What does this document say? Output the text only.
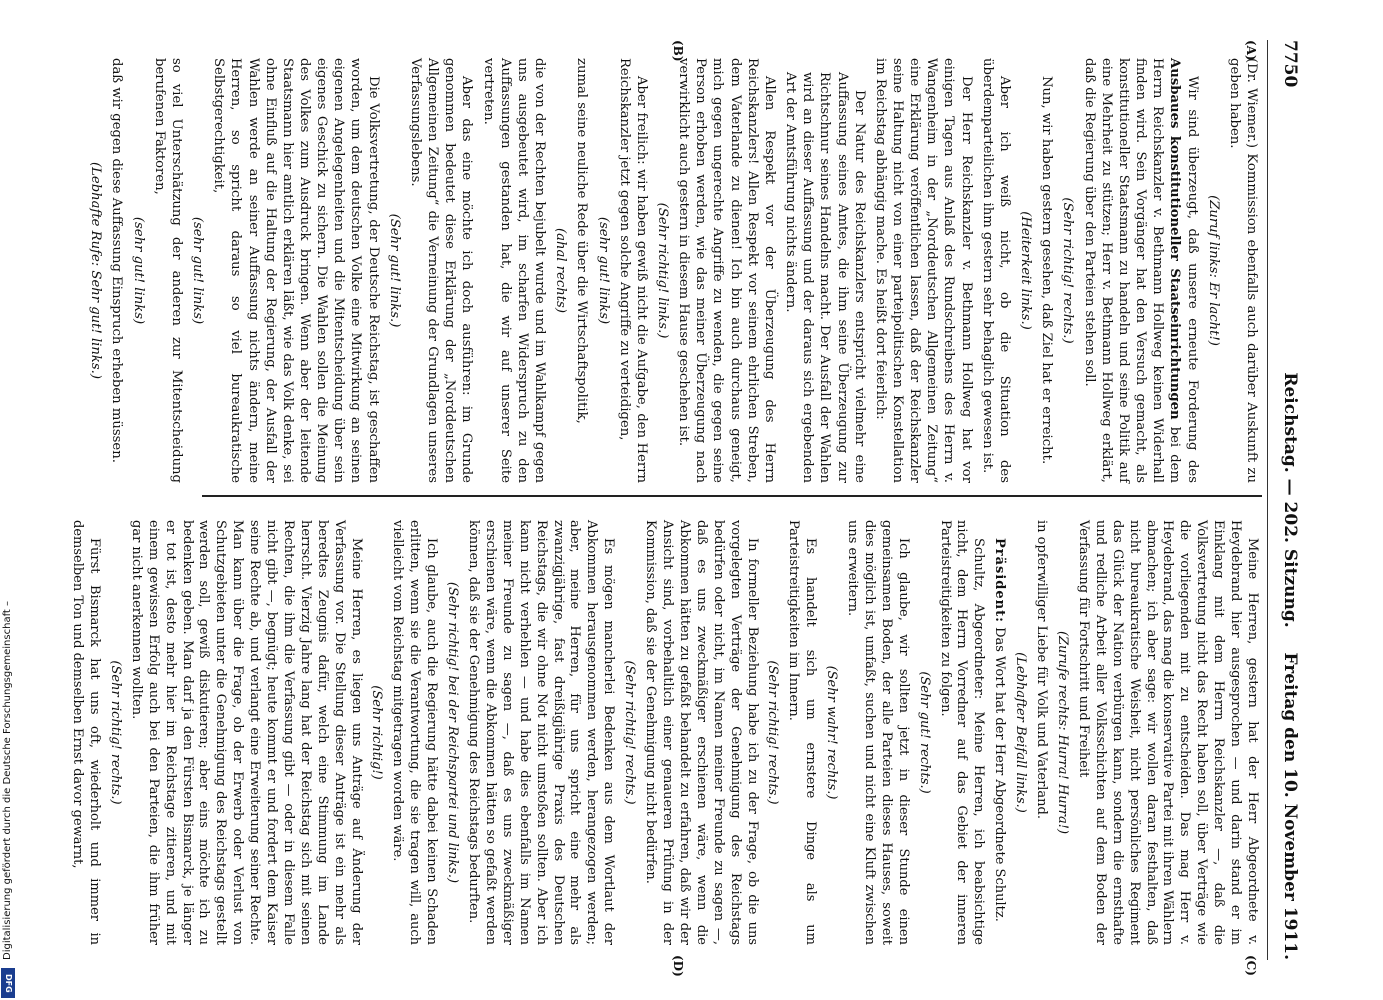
7750
Reichstag. — 202. Sitzung.
Freitag den 10. November 1911.
(A)
(B)
(C)
(D)

(Dr. Wiemer.) Kommission ebenfalls auch darüber Auskunft zu geben haben.

(Zuruf links: Er lacht!)

Wir sind überzeugt, daß unsere erneute Forderung des Ausbaues konstitutioneller Staatseinrichtungen bei dem Herrn Reichskanzler v. Bethmann Hollweg keinen Widerhall finden wird. Sein Vorgänger hat den Versuch gemacht, als konstitutioneller Staatsmann zu handeln und seine Politik auf eine Mehrheit zu stützen; Herr v. Bethmann Hollweg erklärt, daß die Regierung über den Parteien stehen soll.

(Sehr richtig! rechts.)

Nun, wir haben gestern gesehen, daß Ziel hat er erreicht.

(Heiterkeit links.)

Aber ich weiß nicht, ob die Situation des überdemparteilichen ihm gestern sehr behaglich gewesen ist.

Der Herr Reichskanzler v. Bethmann Hollweg hat vor einigen Tagen aus Anlaß des Rundschreibens des Herrn v. Wangenheim in der „Norddeutschen Allgemeinen Zeitung“ eine Erklärung veröffentlichen lassen, daß der Reichskanzler seine Haltung nicht von einer parteipolitischen Konstellation im Reichstag abhängig mache. Es heißt dort feierlich:

Der Natur des Reichskanzlers entspricht vielmehr eine Auffassung seines Amtes, die ihm seine Überzeugung zur Richtschnur seines Handelns macht. Der Ausfall der Wahlen wird an dieser Auffassung und der daraus sich ergebenden Art der Amtsführung nichts ändern.

Allen Respekt vor der Überzeugung des Herrn Reichskanzlers! Allen Respekt vor seinem ehrlichen Streben, dem Vaterlande zu dienen! Ich bin auch durchaus geneigt, mich gegen ungerechte Angriffe zu wenden, die gegen seine Person erhoben werden, wie das meiner Überzeugung nach verwirklicht auch gestern in diesem Hause geschehen ist.

(Sehr richtig! links.)

Aber freilich: wir haben gewiß nicht die Aufgabe, den Herrn Reichskanzler jetzt gegen solche Angriffe zu verteidigen,

(sehr gut! links)

zumal seine neuliche Rede über die Wirtschaftspolitik,

(ahal rechts)

die von der Rechten bejubelt wurde und im Wahlkampf gegen uns ausgebeutet wird, im scharfen Widerspruch zu den Auffassungen gestanden hat, die wir auf unserer Seite vertreten.

Aber das eine möchte ich doch ausführen: im Grunde genommen bedeutet diese Erklärung der „Norddeutschen Allgemeinen Zeitung“ die Verneinung der Grundlagen unseres Verfassungslebens.

(Sehr gut! links.)

Die Volksvertretung, der Deutsche Reichstag, ist geschaffen worden, um dem deutschen Volke eine Mitwirkung an seinen eigenen Angelegenheiten und die Mitentscheidung über sein eigenes Geschick zu sichern. Die Wahlen sollen die Meinung des Volkes zum Ausdruck bringen. Wenn aber der leitende Staatsmann hier amtlich erklären läßt, wie das Volk denke, sei ohne Einfluß auf die Haltung der Regierung, der Ausfall der Wahlen werde an seiner Auffassung nichts ändern, meine Herren, so spricht daraus so viel bureaukratische Selbstgerechtigkeit,

(sehr gut! links)

so viel Unterschätzung der anderen zur Mitentscheidung berufenen Faktoren,

(sehr gut! links)

daß wir gegen diese Auffassung Einspruch erheben müssen.

(Lebhafte Rufe: Sehr gut! links.)

Meine Herren, gestern hat der Herr Abgeordnete v. Heydebrand hier ausgesprochen — und darin stand er im Einklang mit dem Herrn Reichskanzler —, daß die Volksvertretung nicht das Recht haben soll, über Verträge wie die vorliegenden mit zu entscheiden. Das mag Herr v. Heydebrand, das mag die konservative Partei mit ihren Wählern abmachen; ich aber sage: wir wollen daran festhalten, daß nicht bureaukratische Weisheit, nicht persönliches Regiment das Glück der Nation verbürgen kann, sondern die ernsthafte und redliche Arbeit aller Volksschichten auf dem Boden der Verfassung für Fortschritt und Freiheit

(Zurufe rechts: Hurra! Hurra!)

in opferwilliger Liebe für Volk und Vaterland.

(Lebhafter Beifall links.)

Präsident: Das Wort hat der Herr Abgeordnete Schultz.

Schultz, Abgeordneter: Meine Herren, ich beabsichtige nicht, dem Herrn Vorredner auf das Gebiet der inneren Parteistreitigkeiten zu folgen.

(Sehr gut! rechts.)

Ich glaube, wir sollten jetzt in dieser Stunde einen gemeinsamen Boden, der alle Parteien dieses Hauses, soweit dies möglich ist, umfaßt, suchen und nicht eine Kluft zwischen uns erweitern.

(Sehr wahr! rechts.)

Es handelt sich um ernstere Dinge als um Parteistreitigkeiten im Innern.

(Sehr richtig! rechts.)

In formeller Beziehung habe ich zu der Frage, ob die uns vorgelegten Verträge der Genehmigung des Reichstags bedürfen oder nicht, im Namen meiner Freunde zu sagen —, daß es uns zweckmäßiger erschienen wäre, wenn die Abkommen hätten zu gefaßt behandelt zu erfahren, daß wir der Ansicht sind, vorbehaltlich einer genaueren Prüfung in der Kommission, daß sie der Genehmigung nicht bedürfen.

(Sehr richtig! rechts.)

Es mögen mancherlei Bedenken aus dem Wortlaut der Abkommen herausgenommen werden, herangezogen werden; aber, meine Herren, für uns spricht eine mehr als zwanzigjährige, fast dreißigjährige Praxis des Deutschen Reichstags, die wir ohne Not nicht umstoßen sollten. Aber ich kann nicht verhehlen — und habe dies ebenfalls im Namen meiner Freunde zu sagen —, daß es uns zweckmäßiger erschienen wäre, wenn die Abkommen hätten so gefaßt werden können, daß sie der Genehmigung des Reichstags bedurften.

(Sehr richtig! bei der Reichspartei und links.)

Ich glaube, auch die Regierung hätte dabei keinen Schaden erlitten, wenn sie die Verantwortung, die sie tragen will, auch vielleicht vom Reichstag mitgetragen worden wäre.

(Sehr richtig!)

Meine Herren, es liegen uns Anträge auf Änderung der Verfassung vor. Die Stellung dieser Anträge ist ein mehr als beredtes Zeugnis dafür, welch eine Stimmung im Lande herrscht. Vierzig Jahre lang hat der Reichstag sich mit seinen Rechten, die ihm die Verfassung gibt — oder in diesem Falle nicht gibt —, begnügt; heute kommt er und fordert dem Kaiser seine Rechte ab, und verlangt eine Erweiterung seiner Rechte. Man kann über die Frage, ob der Erwerb oder Verlust von Schutzgebieten unter die Genehmigung des Reichstags gestellt werden soll, gewiß diskutieren; aber eins möchte ich zu bedenken geben. Man darf ja den Fürsten Bismarck, je länger er tot ist, desto mehr hier im Reichstage zitieren, und mit einem gewissen Erfolg auch bei den Parteien, die ihm früher gar nicht anerkennen wollten.

(Sehr richtig! rechts.)

Fürst Bismarck hat uns oft, wiederholt und immer in demselben Ton und demselben Ernst davor gewarnt,

Digitalisierung gefördert durch die Deutsche Forschungsgemeinschaft –
DFG
